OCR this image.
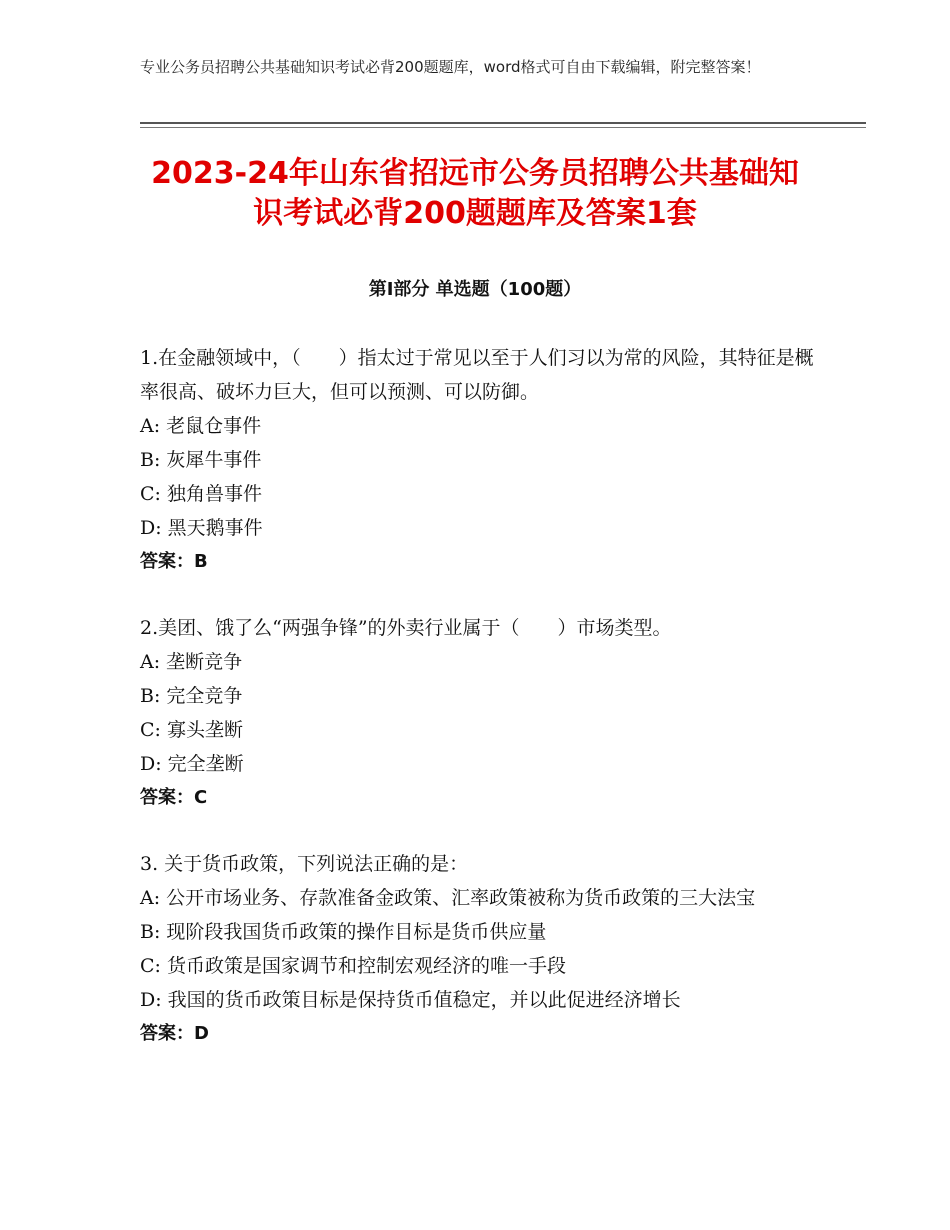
专业公务员招聘公共基础知识考试必背200题题库，word格式可自由下载编辑，附完整答案！
2023-24年山东省招远市公务员招聘公共基础知识考试必背200题题库及答案1套
第Ⅰ部分 单选题（100题）
1.在金融领域中，（　　）指太过于常见以至于人们习以为常的风险，其特征是概率很高、破坏力巨大，但可以预测、可以防御。
A: 老鼠仓事件
B: 灰犀牛事件
C: 独角兽事件
D: 黑天鹅事件
答案：B
2.美团、饿了么“两强争锋”的外卖行业属于（　　）市场类型。
A: 垄断竞争
B: 完全竞争
C: 寡头垄断
D: 完全垄断
答案：C
3. 关于货币政策，下列说法正确的是：
A: 公开市场业务、存款准备金政策、汇率政策被称为货币政策的三大法宝
B: 现阶段我国货币政策的操作目标是货币供应量
C: 货币政策是国家调节和控制宏观经济的唯一手段
D: 我国的货币政策目标是保持货币值稳定，并以此促进经济增长
答案：D
